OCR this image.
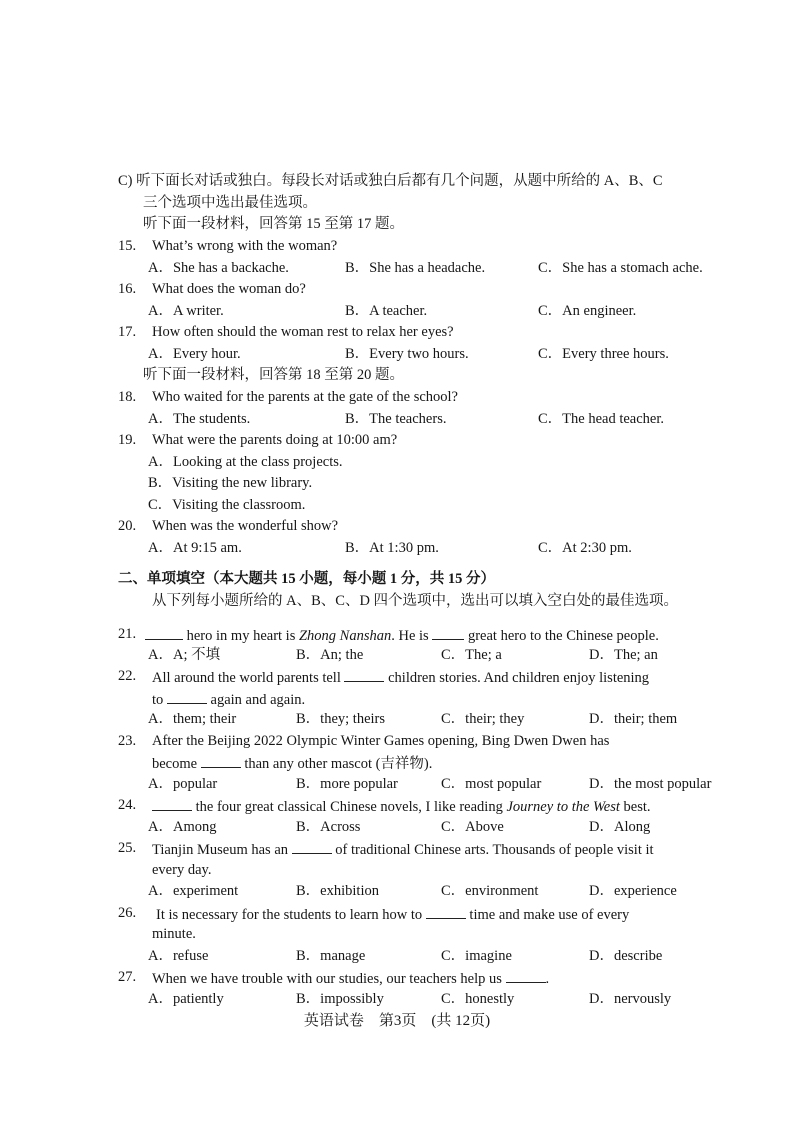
C) 听下面长对话或独白。每段长对话或独白后都有几个问题，从题中所给的 A、B、C
三个选项中选出最佳选项。
听下面一段材料，回答第 15 至第 17 题。
15. What’s wrong with the woman?
A．She has a backache.	B．She has a headache.	C．She has a stomach ache.
16. What does the woman do?
A．A writer.	B．A teacher.	C．An engineer.
17. How often should the woman rest to relax her eyes?
A．Every hour.	B．Every two hours.	C．Every three hours.
听下面一段材料，回答第 18 至第 20 题。
18. Who waited for the parents at the gate of the school?
A．The students.	B．The teachers.	C．The head teacher.
19. What were the parents doing at 10:00 am?
A．Looking at the class projects.
B．Visiting the new library.
C．Visiting the classroom.
20. When was the wonderful show?
A．At 9:15 am.	B．At 1:30 pm.	C．At 2:30 pm.
二、单项填空（本大题共 15 小题，每小题 1 分，共 15 分）
从下列每小题所给的 A、B、C、D 四个选项中，选出可以填入空白处的最佳选项。
21.	hero in my heart is Zhong Nanshan. He is	great hero to the Chinese people.
A．A; 不填	B．An; the	C．The; a	D．The; an
22. All around the world parents tell	children stories. And children enjoy listening
to	again and again.
A．them; their	B．they; theirs	C．their; they	D．their; them
23. After the Beijing 2022 Olympic Winter Games opening, Bing Dwen Dwen has
become	than any other mascot (吉祥物).
A．popular	B．more popular	C．most popular	D．the most popular
24.	the four great classical Chinese novels, I like reading Journey to the West best.
A．Among	B．Across	C．Above	D．Along
25. Tianjin Museum has an	of traditional Chinese arts. Thousands of people visit it
every day.
A．experiment	B．exhibition	C．environment	D．experience
26. It is necessary for the students to learn how to	time and make use of every
minute.
A．refuse	B．manage	C．imagine	D．describe
27. When we have trouble with our studies, our teachers help us	.
A．patiently	B．impossibly	C．honestly	D．nervously
英语试卷　第3页　(共 12页)
